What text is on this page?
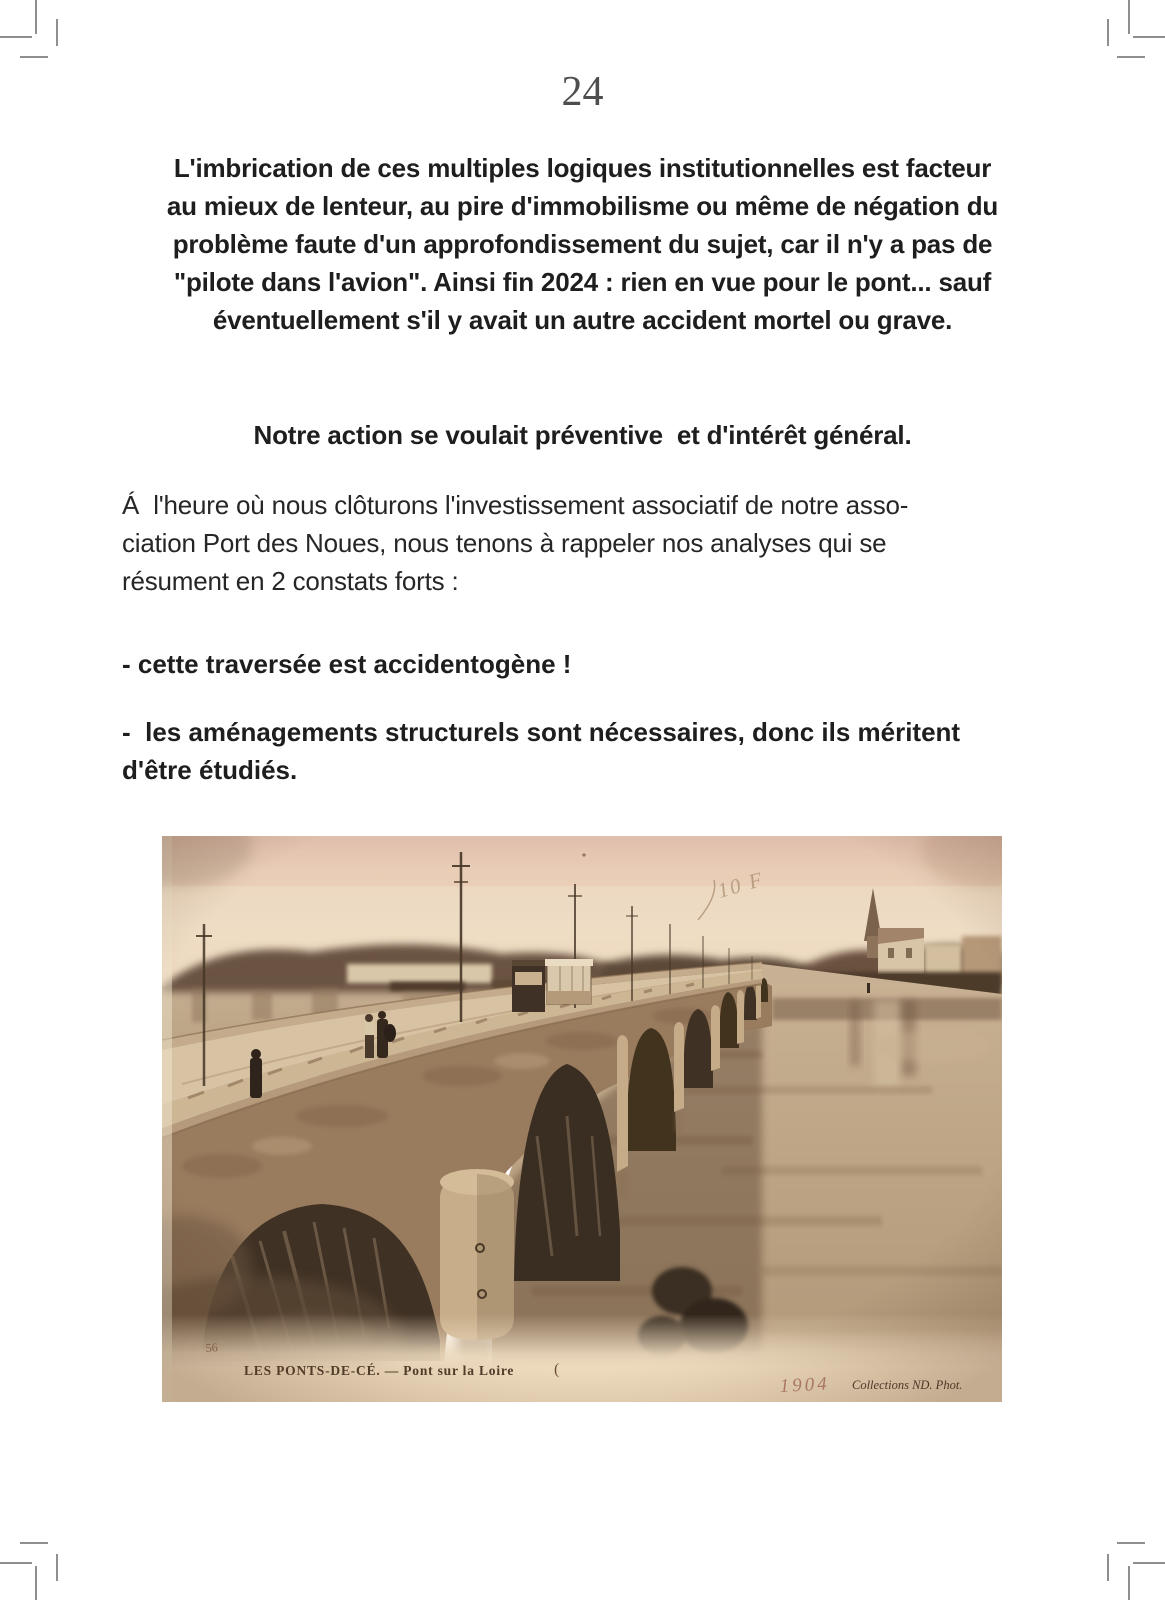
24
L'imbrication de ces multiples logiques institutionnelles est facteur
au mieux de lenteur, au pire d'immobilisme ou même de négation du
problème faute d'un approfondissement du sujet, car il n'y a pas de
"pilote dans l'avion". Ainsi fin 2024 : rien en vue pour le pont... sauf
éventuellement s'il y avait un autre accident mortel ou grave.
Notre action se voulait préventive  et d'intérêt général.
Á  l'heure où nous clôturons l'investissement associatif de notre asso-
ciation Port des Noues, nous tenons à rappeler nos analyses qui se
résument en 2 constats forts :
- cette traversée est accidentogène !
-  les aménagements structurels sont nécessaires, donc ils méritent
d'être étudiés.
